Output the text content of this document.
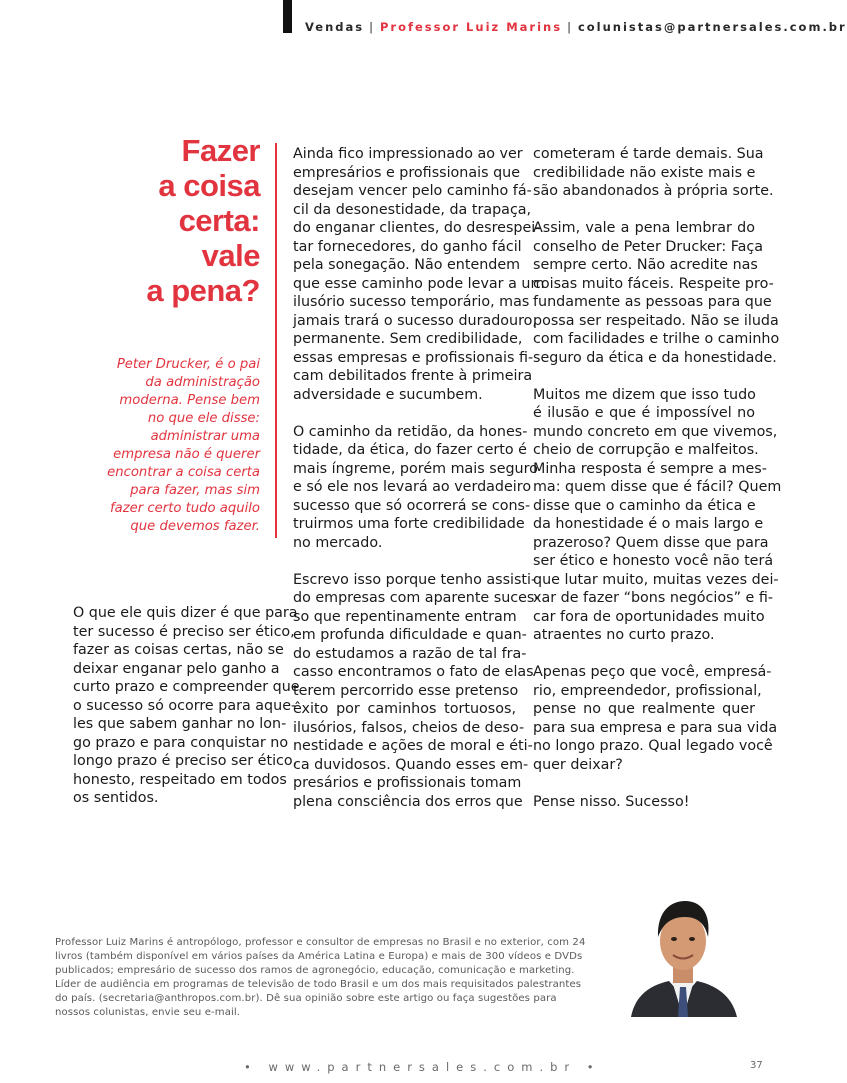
Vendas | Professor Luiz Marins | colunistas@partnersales.com.br
Fazer
a coisa
certa:
vale
a pena?
Peter Drucker, é o pai
da administração
moderna. Pense bem
no que ele disse:
administrar uma
empresa não é querer
encontrar a coisa certa
para fazer, mas sim
fazer certo tudo aquilo
que devemos fazer.
O que ele quis dizer é que para
ter sucesso é preciso ser ético,
fazer as coisas certas, não se
deixar enganar pelo ganho a
curto prazo e compreender que
o sucesso só ocorre para aque-
les que sabem ganhar no lon-
go prazo e para conquistar no
longo prazo é preciso ser ético,
honesto, respeitado em todos
os sentidos.
Ainda fico impressionado ao ver
empresários e profissionais que
desejam vencer pelo caminho fá-
cil da desonestidade, da trapaça,
do enganar clientes, do desrespei-
tar fornecedores, do ganho fácil
pela sonegação. Não entendem
que esse caminho pode levar a um
ilusório sucesso temporário, mas
jamais trará o sucesso duradouro,
permanente. Sem credibilidade,
essas empresas e profissionais fi-
cam debilitados frente à primeira
adversidade e sucumbem.
O caminho da retidão, da hones-
tidade, da ética, do fazer certo é
mais íngreme, porém mais seguro
e só ele nos levará ao verdadeiro
sucesso que só ocorrerá se cons-
truirmos uma forte credibilidade
no mercado.
Escrevo isso porque tenho assisti-
do empresas com aparente suces-
so que repentinamente entram
em profunda dificuldade e quan-
do estudamos a razão de tal fra-
casso encontramos o fato de elas
terem percorrido esse pretenso
êxito por caminhos tortuosos,
ilusórios, falsos, cheios de deso-
nestidade e ações de moral e éti-
ca duvidosos. Quando esses em-
presários e profissionais tomam
plena consciência dos erros que
cometeram é tarde demais. Sua
credibilidade não existe mais e
são abandonados à própria sorte.
Assim, vale a pena lembrar do
conselho de Peter Drucker: Faça
sempre certo. Não acredite nas
coisas muito fáceis. Respeite pro-
fundamente as pessoas para que
possa ser respeitado. Não se iluda
com facilidades e trilhe o caminho
seguro da ética e da honestidade.
Muitos me dizem que isso tudo
é ilusão e que é impossível no
mundo concreto em que vivemos,
cheio de corrupção e malfeitos.
Minha resposta é sempre a mes-
ma: quem disse que é fácil? Quem
disse que o caminho da ética e
da honestidade é o mais largo e
prazeroso? Quem disse que para
ser ético e honesto você não terá
que lutar muito, muitas vezes dei-
xar de fazer “bons negócios” e fi-
car fora de oportunidades muito
atraentes no curto prazo.
Apenas peço que você, empresá-
rio, empreendedor, profissional,
pense no que realmente quer
para sua empresa e para sua vida
no longo prazo. Qual legado você
quer deixar?
Pense nisso. Sucesso!
Professor Luiz Marins é antropólogo, professor e consultor de empresas no Brasil e no exterior, com 24
livros (também disponível em vários países da América Latina e Europa) e mais de 300 vídeos e DVDs
publicados; empresário de sucesso dos ramos de agronegócio, educação, comunicação e marketing.
Líder de audiência em programas de televisão de todo Brasil e um dos mais requisitados palestrantes
do país. (secretaria@anthropos.com.br). Dê sua opinião sobre este artigo ou faça sugestões para
nossos colunistas, envie seu e-mail.
• www.partnersales.com.br •	37
